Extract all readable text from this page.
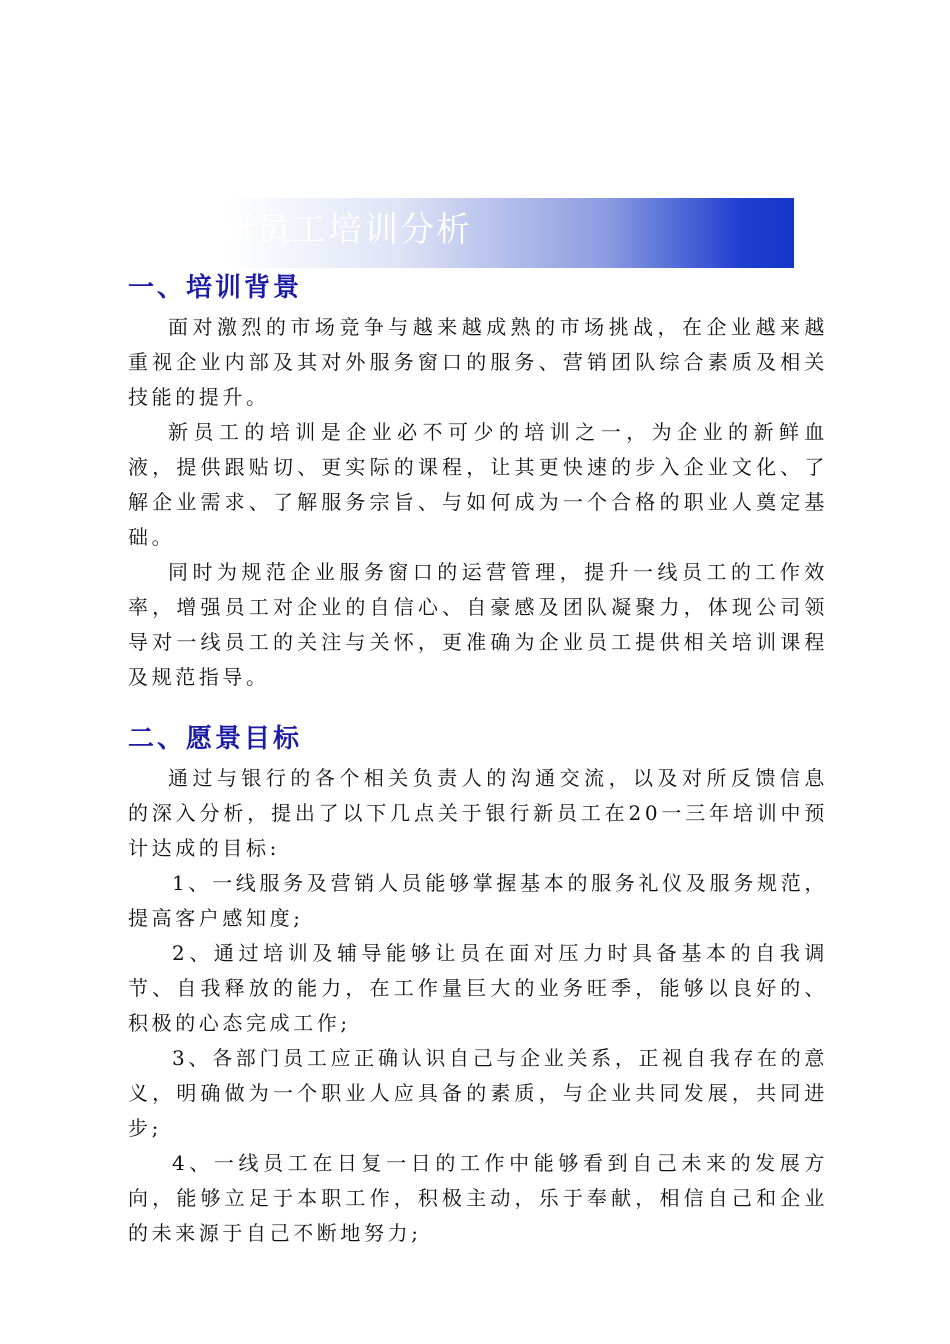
新员工培训分析
一、培训背景

面对激烈的市场竞争与越来越成熟的市场挑战，在企业越来越重视企业内部及其对外服务窗口的服务、营销团队综合素质及相关技能的提升。

新员工的培训是企业必不可少的培训之一，为企业的新鲜血液，提供跟贴切、更实际的课程，让其更快速的步入企业文化、了解企业需求、了解服务宗旨、与如何成为一个合格的职业人奠定基础。

同时为规范企业服务窗口的运营管理，提升一线员工的工作效率，增强员工对企业的自信心、自豪感及团队凝聚力，体现公司领导对一线员工的关注与关怀，更准确为企业员工提供相关培训课程及规范指导。

二、愿景目标

通过与银行的各个相关负责人的沟通交流，以及对所反馈信息的深入分析，提出了以下几点关于银行新员工在20一三年培训中预计达成的目标:

1、一线服务及营销人员能够掌握基本的服务礼仪及服务规范，提高客户感知度;

2、通过培训及辅导能够让员在面对压力时具备基本的自我调节、自我释放的能力，在工作量巨大的业务旺季，能够以良好的、积极的心态完成工作;

3、各部门员工应正确认识自己与企业关系，正视自我存在的意义，明确做为一个职业人应具备的素质，与企业共同发展，共同进步;

4、一线员工在日复一日的工作中能够看到自己未来的发展方向，能够立足于本职工作，积极主动，乐于奉献，相信自己和企业的未来源于自己不断地努力;
